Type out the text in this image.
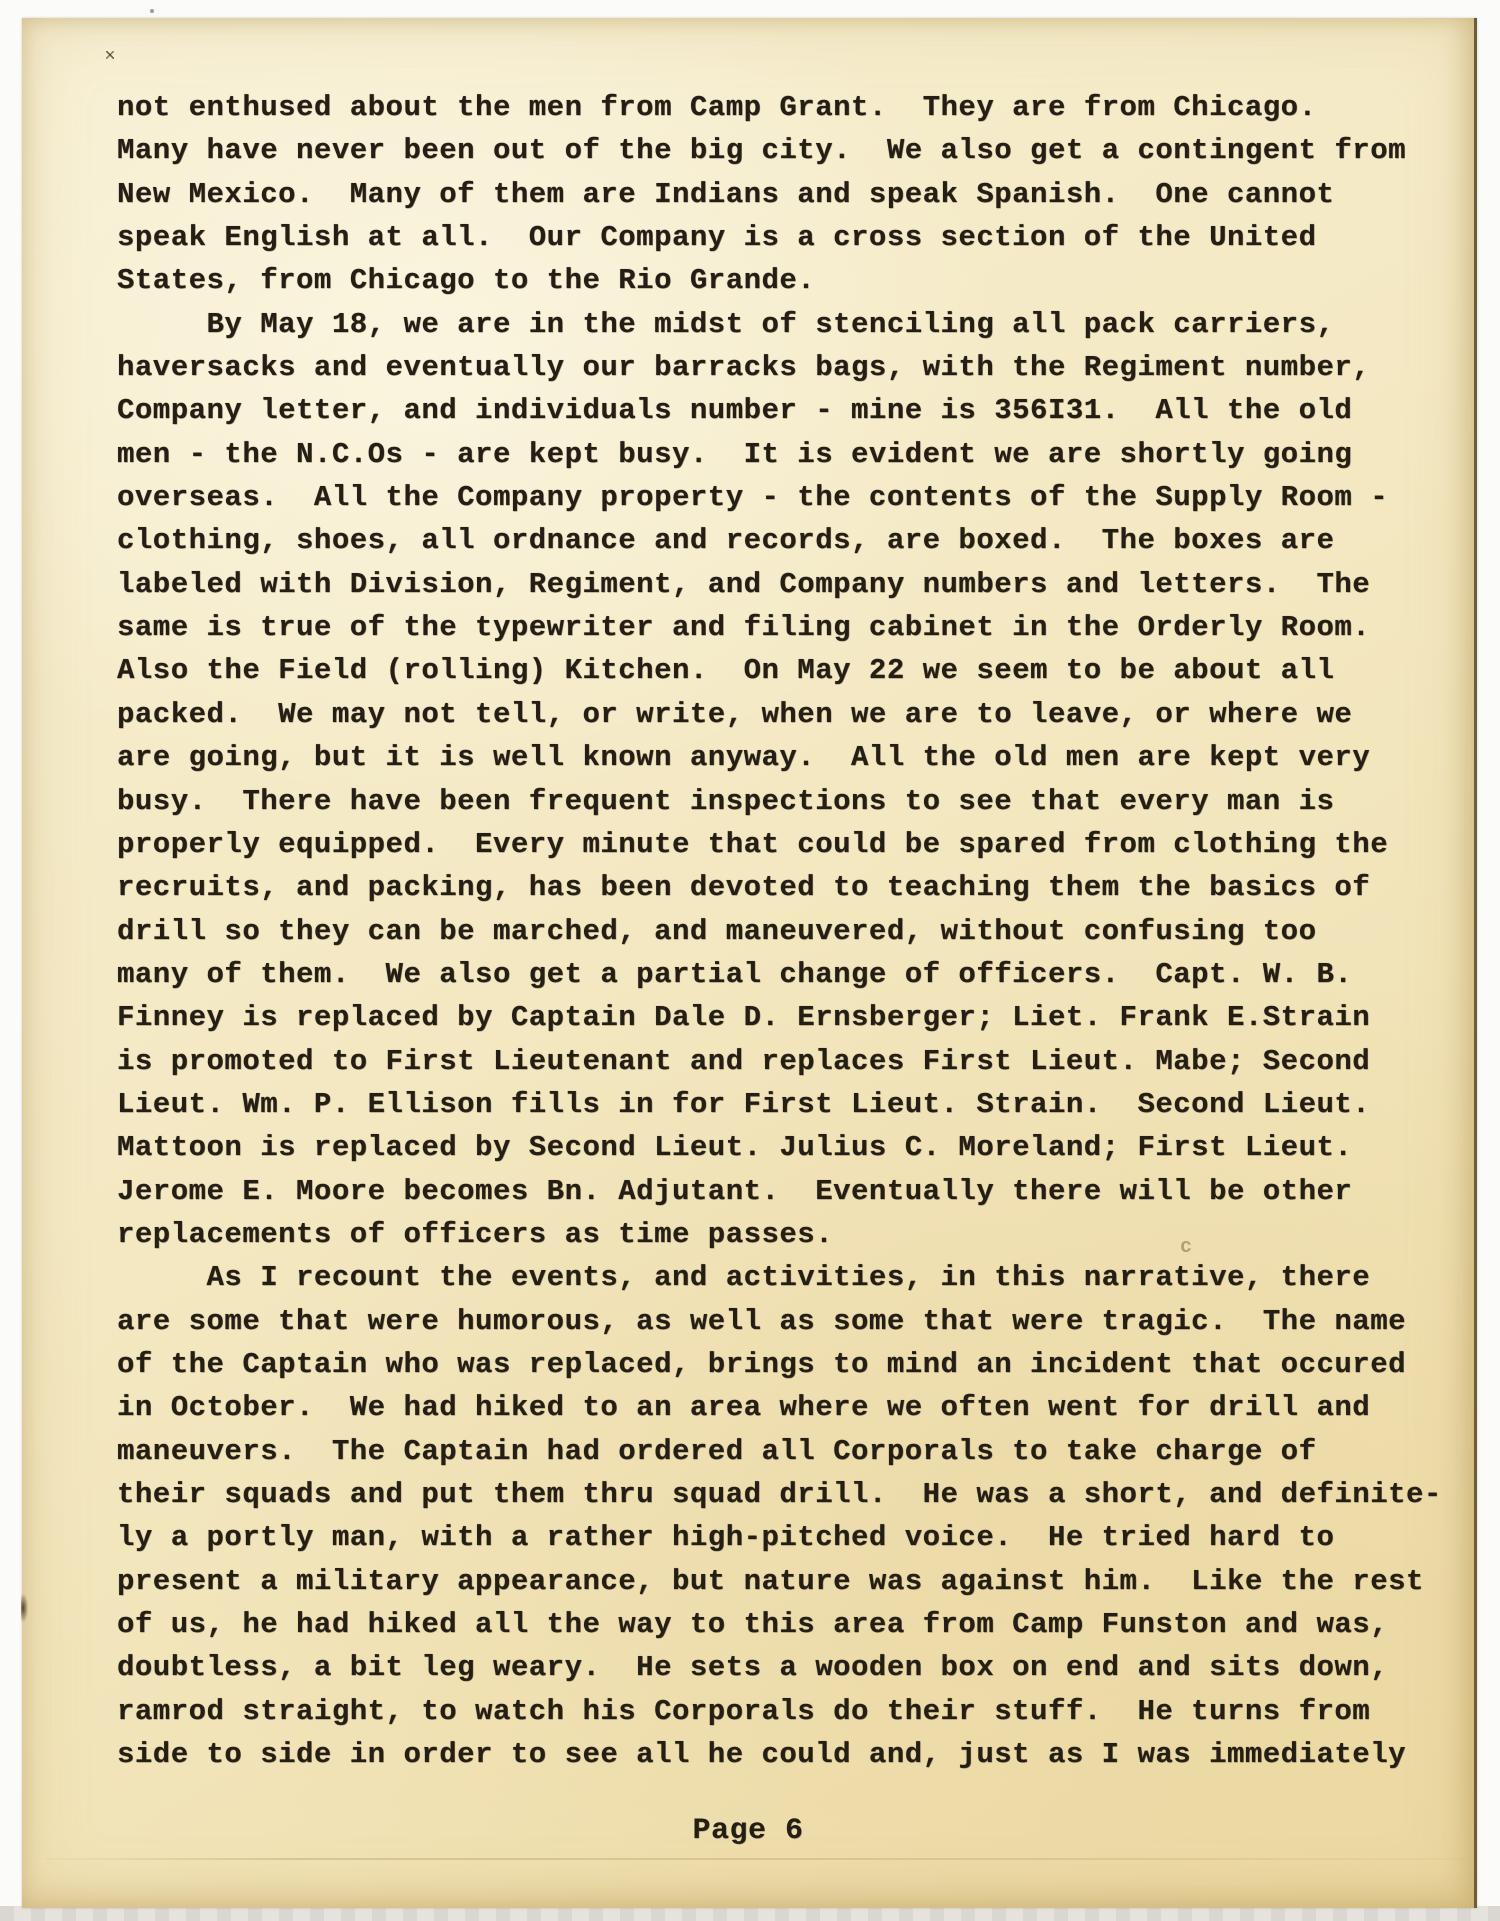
c
not enthused about the men from Camp Grant.  They are from Chicago.
Many have never been out of the big city.  We also get a contingent from
New Mexico.  Many of them are Indians and speak Spanish.  One cannot
speak English at all.  Our Company is a cross section of the United
States, from Chicago to the Rio Grande.
By May 18, we are in the midst of stenciling all pack carriers,
haversacks and eventually our barracks bags, with the Regiment number,
Company letter, and individuals number - mine is 356I31.  All the old
men - the N.C.Os - are kept busy.  It is evident we are shortly going
overseas.  All the Company property - the contents of the Supply Room -
clothing, shoes, all ordnance and records, are boxed.  The boxes are
labeled with Division, Regiment, and Company numbers and letters.  The
same is true of the typewriter and filing cabinet in the Orderly Room.
Also the Field (rolling) Kitchen.  On May 22 we seem to be about all
packed.  We may not tell, or write, when we are to leave, or where we
are going, but it is well known anyway.  All the old men are kept very
busy.  There have been frequent inspections to see that every man is
properly equipped.  Every minute that could be spared from clothing the
recruits, and packing, has been devoted to teaching them the basics of
drill so they can be marched, and maneuvered, without confusing too
many of them.  We also get a partial change of officers.  Capt. W. B.
Finney is replaced by Captain Dale D. Ernsberger; Liet. Frank E.Strain
is promoted to First Lieutenant and replaces First Lieut. Mabe; Second
Lieut. Wm. P. Ellison fills in for First Lieut. Strain.  Second Lieut.
Mattoon is replaced by Second Lieut. Julius C. Moreland; First Lieut.
Jerome E. Moore becomes Bn. Adjutant.  Eventually there will be other
replacements of officers as time passes.
As I recount the events, and activities, in this narrative, there
are some that were humorous, as well as some that were tragic.  The name
of the Captain who was replaced, brings to mind an incident that occured
in October.  We had hiked to an area where we often went for drill and
maneuvers.  The Captain had ordered all Corporals to take charge of
their squads and put them thru squad drill.  He was a short, and definite-
ly a portly man, with a rather high-pitched voice.  He tried hard to
present a military appearance, but nature was against him.  Like the rest
of us, he had hiked all the way to this area from Camp Funston and was,
doubtless, a bit leg weary.  He sets a wooden box on end and sits down,
ramrod straight, to watch his Corporals do their stuff.  He turns from
side to side in order to see all he could and, just as I was immediately
Page 6
